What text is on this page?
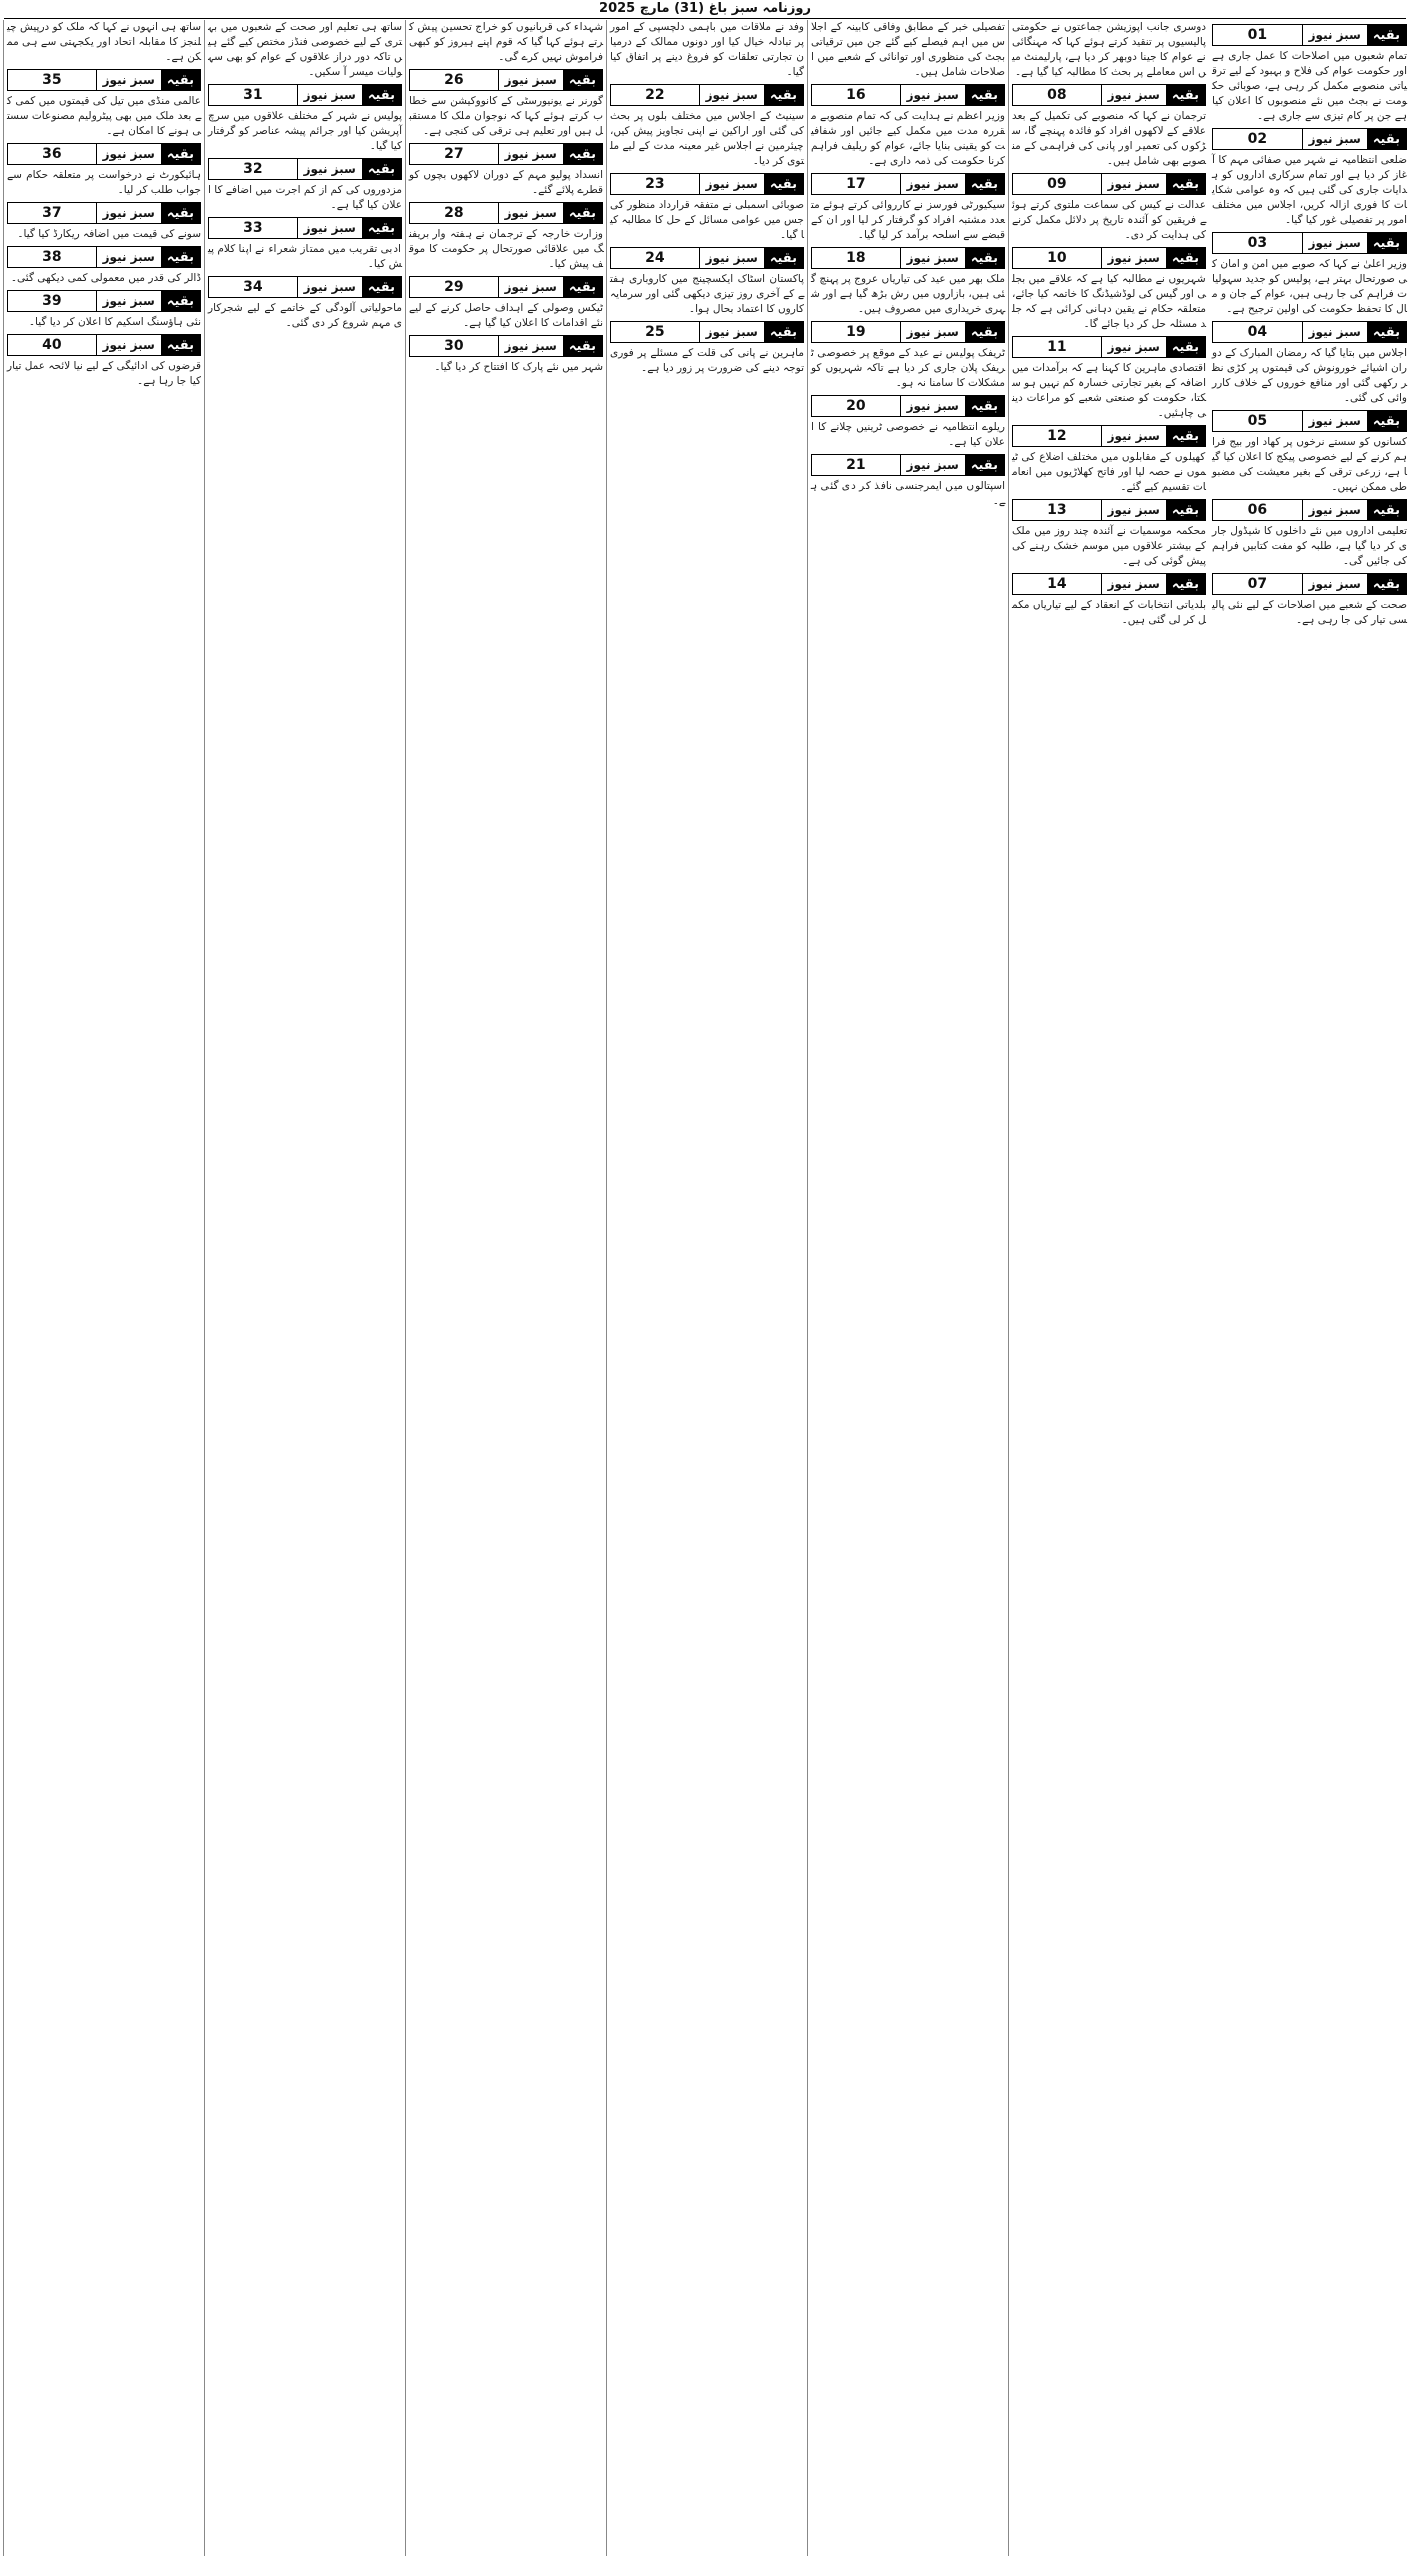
روزنامہ سبز باغ (31) مارچ 2025
بقیہ
سبز نیوز
01
تمام شعبوں میں اصلاحات کا عمل جاری ہے اور حکومت عوام کی فلاح و بہبود کے لیے ترقیاتی منصوبے مکمل کر رہی ہے، صوبائی حکومت نے بجٹ میں نئے منصوبوں کا اعلان کیا ہے جن پر کام تیزی سے جاری ہے۔
بقیہ
سبز نیوز
02
ضلعی انتظامیہ نے شہر میں صفائی مہم کا آغاز کر دیا ہے اور تمام سرکاری اداروں کو ہدایات جاری کی گئی ہیں کہ وہ عوامی شکایات کا فوری ازالہ کریں، اجلاس میں مختلف امور پر تفصیلی غور کیا گیا۔
بقیہ
سبز نیوز
03
وزیر اعلیٰ نے کہا کہ صوبے میں امن و امان کی صورتحال بہتر ہے، پولیس کو جدید سہولیات فراہم کی جا رہی ہیں، عوام کے جان و مال کا تحفظ حکومت کی اولین ترجیح ہے۔
بقیہ
سبز نیوز
04
اجلاس میں بتایا گیا کہ رمضان المبارک کے دوران اشیائے خورونوش کی قیمتوں پر کڑی نظر رکھی گئی اور منافع خوروں کے خلاف کارروائی کی گئی۔
بقیہ
سبز نیوز
05
کسانوں کو سستے نرخوں پر کھاد اور بیج فراہم کرنے کے لیے خصوصی پیکج کا اعلان کیا گیا ہے، زرعی ترقی کے بغیر معیشت کی مضبوطی ممکن نہیں۔
بقیہ
سبز نیوز
06
تعلیمی اداروں میں نئے داخلوں کا شیڈول جاری کر دیا گیا ہے، طلبہ کو مفت کتابیں فراہم کی جائیں گی۔
بقیہ
سبز نیوز
07
صحت کے شعبے میں اصلاحات کے لیے نئی پالیسی تیار کی جا رہی ہے۔
دوسری جانب اپوزیشن جماعتوں نے حکومتی پالیسیوں پر تنقید کرتے ہوئے کہا کہ مہنگائی نے عوام کا جینا دوبھر کر دیا ہے، پارلیمنٹ میں اس معاملے پر بحث کا مطالبہ کیا گیا ہے۔
بقیہ
سبز نیوز
08
ترجمان نے کہا کہ منصوبے کی تکمیل کے بعد علاقے کے لاکھوں افراد کو فائدہ پہنچے گا، سڑکوں کی تعمیر اور پانی کی فراہمی کے منصوبے بھی شامل ہیں۔
بقیہ
سبز نیوز
09
عدالت نے کیس کی سماعت ملتوی کرتے ہوئے فریقین کو آئندہ تاریخ پر دلائل مکمل کرنے کی ہدایت کر دی۔
بقیہ
سبز نیوز
10
شہریوں نے مطالبہ کیا ہے کہ علاقے میں بجلی اور گیس کی لوڈشیڈنگ کا خاتمہ کیا جائے، متعلقہ حکام نے یقین دہانی کرائی ہے کہ جلد مسئلہ حل کر دیا جائے گا۔
بقیہ
سبز نیوز
11
اقتصادی ماہرین کا کہنا ہے کہ برآمدات میں اضافہ کے بغیر تجارتی خسارہ کم نہیں ہو سکتا، حکومت کو صنعتی شعبے کو مراعات دینی چاہئیں۔
بقیہ
سبز نیوز
12
کھیلوں کے مقابلوں میں مختلف اضلاع کی ٹیموں نے حصہ لیا اور فاتح کھلاڑیوں میں انعامات تقسیم کیے گئے۔
بقیہ
سبز نیوز
13
محکمہ موسمیات نے آئندہ چند روز میں ملک کے بیشتر علاقوں میں موسم خشک رہنے کی پیش گوئی کی ہے۔
بقیہ
سبز نیوز
14
بلدیاتی انتخابات کے انعقاد کے لیے تیاریاں مکمل کر لی گئی ہیں۔
تفصیلی خبر کے مطابق وفاقی کابینہ کے اجلاس میں اہم فیصلے کیے گئے جن میں ترقیاتی بجٹ کی منظوری اور توانائی کے شعبے میں اصلاحات شامل ہیں۔
بقیہ
سبز نیوز
16
وزیر اعظم نے ہدایت کی کہ تمام منصوبے مقررہ مدت میں مکمل کیے جائیں اور شفافیت کو یقینی بنایا جائے، عوام کو ریلیف فراہم کرنا حکومت کی ذمہ داری ہے۔
بقیہ
سبز نیوز
17
سیکیورٹی فورسز نے کارروائی کرتے ہوئے متعدد مشتبہ افراد کو گرفتار کر لیا اور ان کے قبضے سے اسلحہ برآمد کر لیا گیا۔
بقیہ
سبز نیوز
18
ملک بھر میں عید کی تیاریاں عروج پر پہنچ گئی ہیں، بازاروں میں رش بڑھ گیا ہے اور شہری خریداری میں مصروف ہیں۔
بقیہ
سبز نیوز
19
ٹریفک پولیس نے عید کے موقع پر خصوصی ٹریفک پلان جاری کر دیا ہے تاکہ شہریوں کو مشکلات کا سامنا نہ ہو۔
بقیہ
سبز نیوز
20
ریلوے انتظامیہ نے خصوصی ٹرینیں چلانے کا اعلان کیا ہے۔
بقیہ
سبز نیوز
21
اسپتالوں میں ایمرجنسی نافذ کر دی گئی ہے۔
وفد نے ملاقات میں باہمی دلچسپی کے امور پر تبادلہ خیال کیا اور دونوں ممالک کے درمیان تجارتی تعلقات کو فروغ دینے پر اتفاق کیا گیا۔
بقیہ
سبز نیوز
22
سینیٹ کے اجلاس میں مختلف بلوں پر بحث کی گئی اور اراکین نے اپنی تجاویز پیش کیں، چیئرمین نے اجلاس غیر معینہ مدت کے لیے ملتوی کر دیا۔
بقیہ
سبز نیوز
23
صوبائی اسمبلی نے متفقہ قرارداد منظور کی جس میں عوامی مسائل کے حل کا مطالبہ کیا گیا۔
بقیہ
سبز نیوز
24
پاکستان اسٹاک ایکسچینج میں کاروباری ہفتے کے آخری روز تیزی دیکھی گئی اور سرمایہ کاروں کا اعتماد بحال ہوا۔
بقیہ
سبز نیوز
25
ماہرین نے پانی کی قلت کے مسئلے پر فوری توجہ دینے کی ضرورت پر زور دیا ہے۔
شہداء کی قربانیوں کو خراج تحسین پیش کرتے ہوئے کہا گیا کہ قوم اپنے ہیروز کو کبھی فراموش نہیں کرے گی۔
بقیہ
سبز نیوز
26
گورنر نے یونیورسٹی کے کانووکیشن سے خطاب کرتے ہوئے کہا کہ نوجوان ملک کا مستقبل ہیں اور تعلیم ہی ترقی کی کنجی ہے۔
بقیہ
سبز نیوز
27
انسداد پولیو مہم کے دوران لاکھوں بچوں کو قطرے پلائے گئے۔
بقیہ
سبز نیوز
28
وزارت خارجہ کے ترجمان نے ہفتہ وار بریفنگ میں علاقائی صورتحال پر حکومت کا موقف پیش کیا۔
بقیہ
سبز نیوز
29
ٹیکس وصولی کے اہداف حاصل کرنے کے لیے نئے اقدامات کا اعلان کیا گیا ہے۔
بقیہ
سبز نیوز
30
شہر میں نئے پارک کا افتتاح کر دیا گیا۔
ساتھ ہی تعلیم اور صحت کے شعبوں میں بہتری کے لیے خصوصی فنڈز مختص کیے گئے ہیں تاکہ دور دراز علاقوں کے عوام کو بھی سہولیات میسر آ سکیں۔
بقیہ
سبز نیوز
31
پولیس نے شہر کے مختلف علاقوں میں سرچ آپریشن کیا اور جرائم پیشہ عناصر کو گرفتار کیا گیا۔
بقیہ
سبز نیوز
32
مزدوروں کی کم از کم اجرت میں اضافے کا اعلان کیا گیا ہے۔
بقیہ
سبز نیوز
33
ادبی تقریب میں ممتاز شعراء نے اپنا کلام پیش کیا۔
بقیہ
سبز نیوز
34
ماحولیاتی آلودگی کے خاتمے کے لیے شجرکاری مہم شروع کر دی گئی۔
ساتھ ہی انہوں نے کہا کہ ملک کو درپیش چیلنجز کا مقابلہ اتحاد اور یکجہتی سے ہی ممکن ہے۔
بقیہ
سبز نیوز
35
عالمی منڈی میں تیل کی قیمتوں میں کمی کے بعد ملک میں بھی پیٹرولیم مصنوعات سستی ہونے کا امکان ہے۔
بقیہ
سبز نیوز
36
ہائیکورٹ نے درخواست پر متعلقہ حکام سے جواب طلب کر لیا۔
بقیہ
سبز نیوز
37
سونے کی قیمت میں اضافہ ریکارڈ کیا گیا۔
بقیہ
سبز نیوز
38
ڈالر کی قدر میں معمولی کمی دیکھی گئی۔
بقیہ
سبز نیوز
39
نئی ہاؤسنگ اسکیم کا اعلان کر دیا گیا۔
بقیہ
سبز نیوز
40
قرضوں کی ادائیگی کے لیے نیا لائحہ عمل تیار کیا جا رہا ہے۔
